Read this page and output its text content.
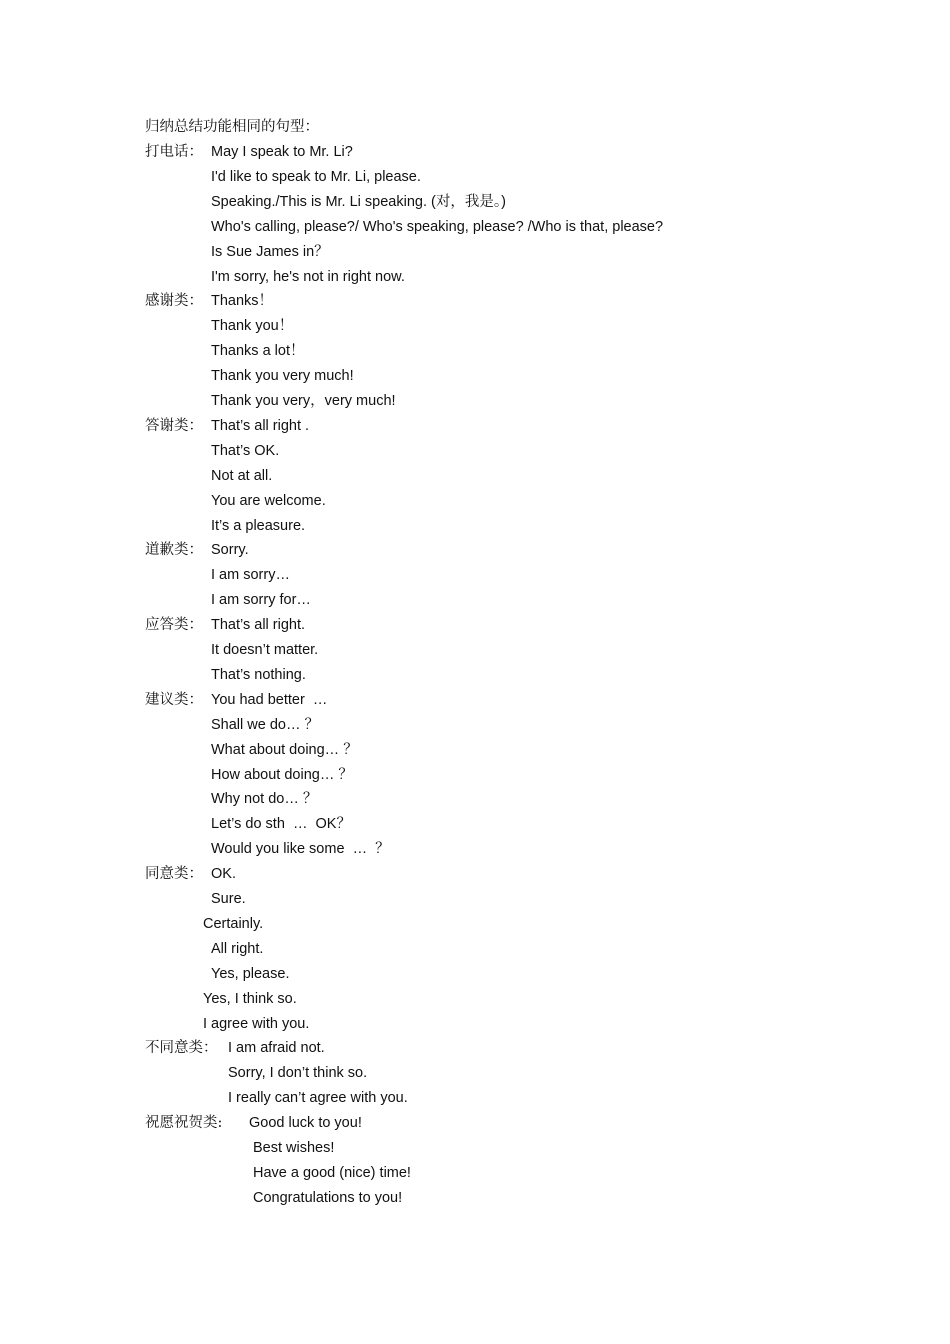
归纳总结功能相同的句型：

打电话： May I speak to Mr. Li?
I'd like to speak to Mr. Li, please.
Speaking./This is Mr. Li speaking. (对，我是。)
Who's calling, please?/ Who's speaking, please? /Who is that, please?
Is Sue James in？
I'm sorry, he's not in right now.
感谢类： Thanks！
Thank you！
Thanks a lot！
Thank you very much!
Thank you very，very much!
答谢类： That’s all right .
That’s OK.
Not at all.
You are welcome.
It’s a pleasure.
道歉类： Sorry.
I am sorry…
I am sorry for…
应答类： That’s all right.
It doesn’t matter.
That’s nothing.
建议类： You had better  …
Shall we do… ？
What about doing… ？
How about doing… ？
Why not do… ？
Let’s do sth  …  OK？
Would you like some  …  ？
同意类： OK.
Sure.
Certainly.
All right.
Yes, please.
Yes, I think so.
I agree with you.
不同意类： I am afraid not.
Sorry, I don’t think so.
I really can’t agree with you.
祝愿祝贺类: Good luck to you!
Best wishes!
Have a good (nice) time!
Congratulations to you!
